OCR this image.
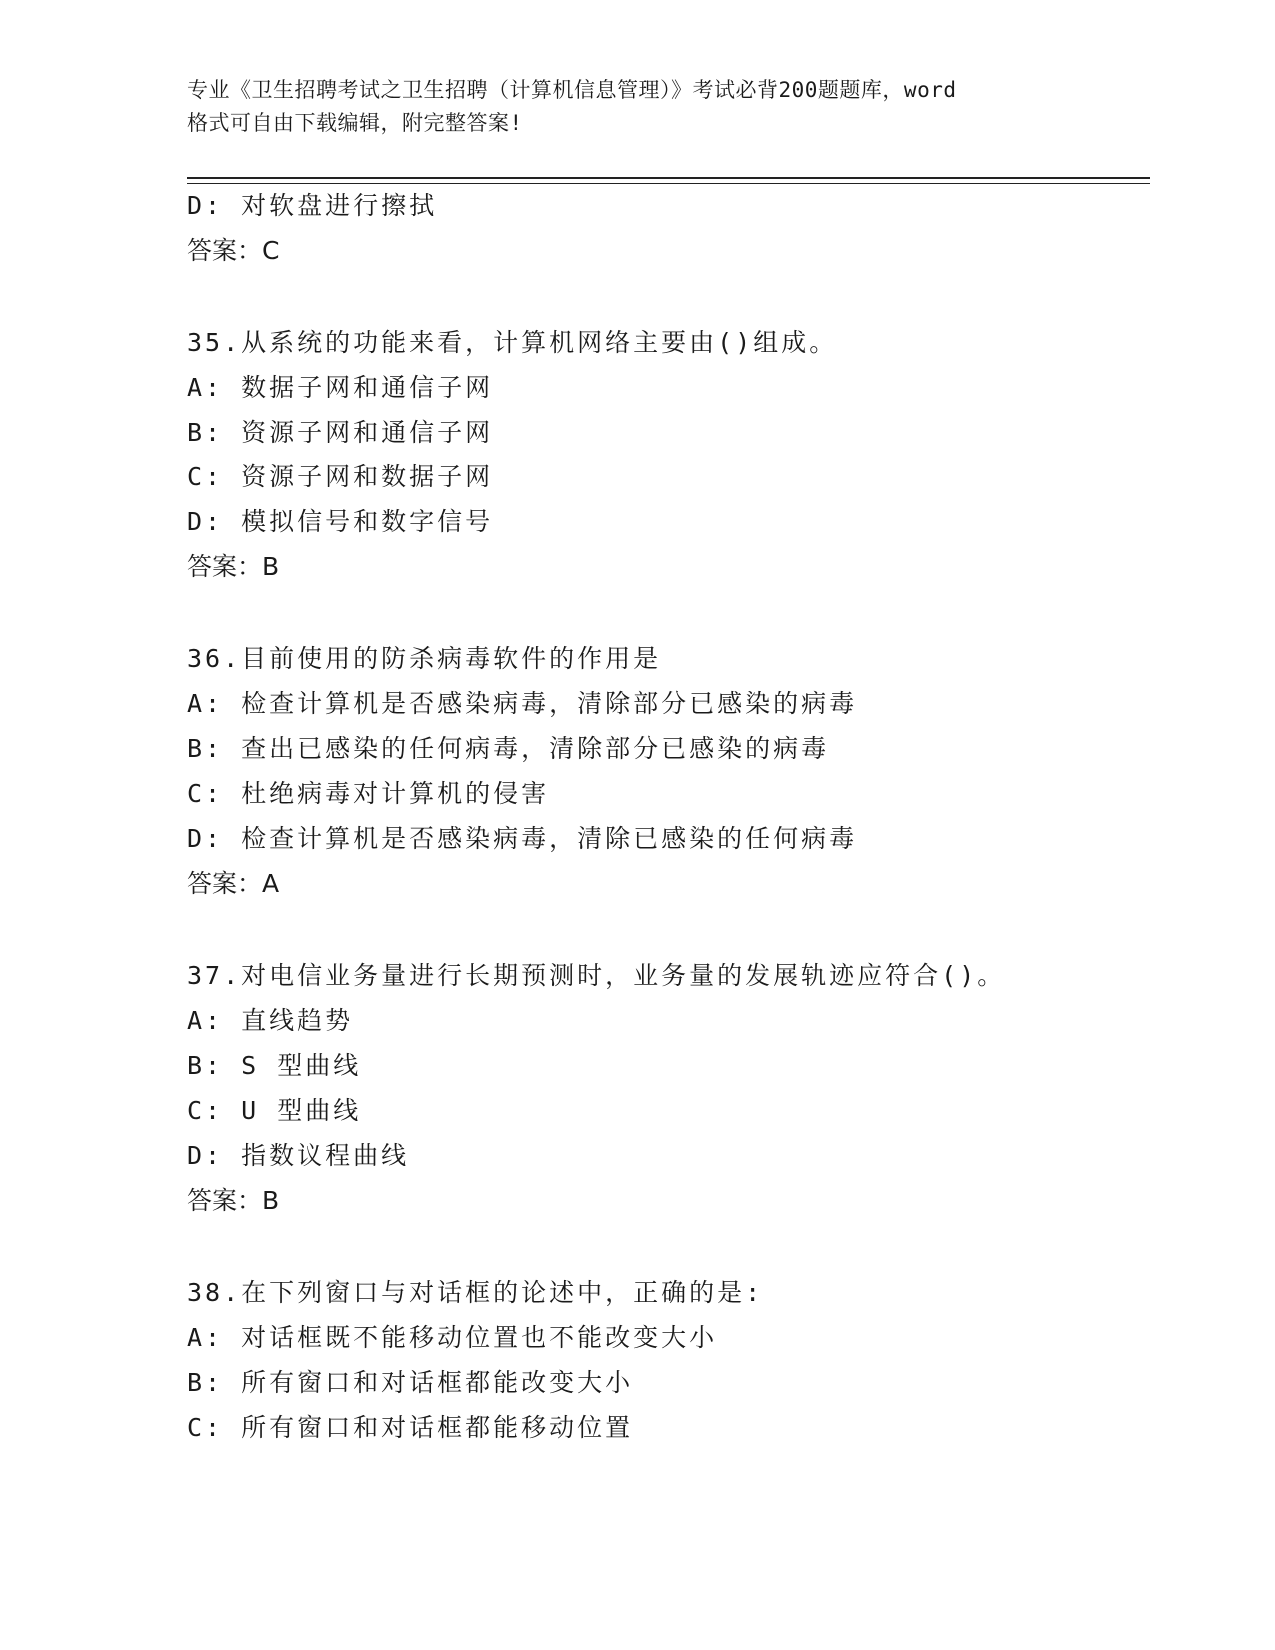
专业《卫生招聘考试之卫生招聘（计算机信息管理）》考试必背200题题库，word
格式可自由下载编辑，附完整答案!
D: 对软盘进行擦拭
答案：C
35.从系统的功能来看，计算机网络主要由()组成。
A: 数据子网和通信子网
B: 资源子网和通信子网
C: 资源子网和数据子网
D: 模拟信号和数字信号
答案：B
36.目前使用的防杀病毒软件的作用是
A: 检查计算机是否感染病毒，清除部分已感染的病毒
B: 查出已感染的任何病毒，清除部分已感染的病毒
C: 杜绝病毒对计算机的侵害
D: 检查计算机是否感染病毒，清除已感染的任何病毒
答案：A
37.对电信业务量进行长期预测时，业务量的发展轨迹应符合()。
A: 直线趋势
B: S 型曲线
C: U 型曲线
D: 指数议程曲线
答案：B
38.在下列窗口与对话框的论述中，正确的是:
A: 对话框既不能移动位置也不能改变大小
B: 所有窗口和对话框都能改变大小
C: 所有窗口和对话框都能移动位置
